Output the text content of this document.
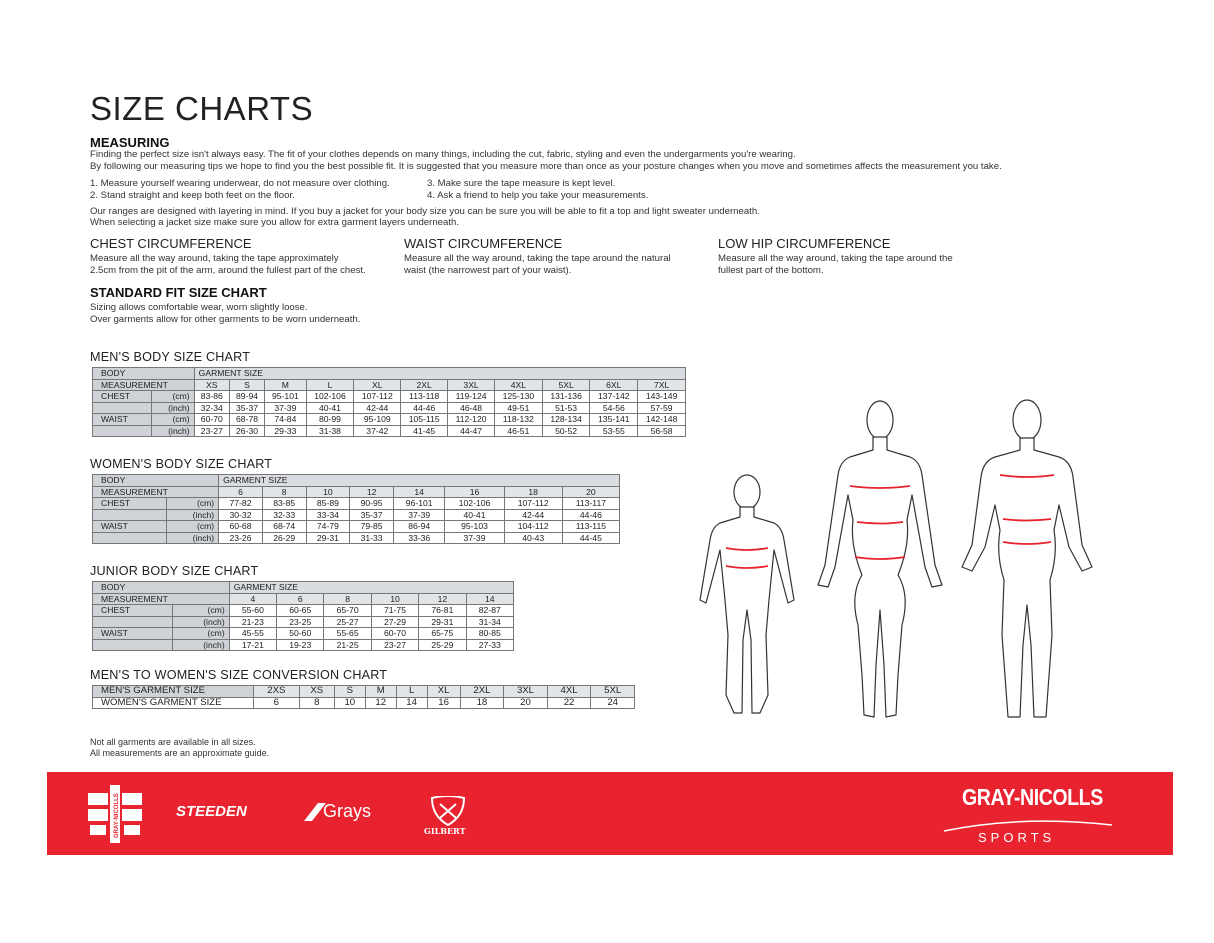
SIZE CHARTS
MEASURING
Finding the perfect size isn't always easy. The fit of your clothes depends on many things, including the cut, fabric, styling and even the undergarments you're wearing.
By following our measuring tips we hope to find you the best possible fit. It is suggested that you measure more than once as your posture changes when you move and sometimes affects the measurement you take.
1. Measure yourself wearing underwear, do not measure over clothing.
2. Stand straight and keep both feet on the floor.
3. Make sure the tape measure is kept level.
4. Ask a friend to help you take your measurements.
Our ranges are designed with layering in mind. If you buy a jacket for your body size you can be sure you will be able to fit a top and light sweater underneath.
When selecting a jacket size make sure you allow for extra garment layers underneath.
CHEST CIRCUMFERENCE
Measure all the way around, taking the tape approximately
2.5cm from the pit of the arm, around the fullest part of the chest.
WAIST CIRCUMFERENCE
Measure all the way around, taking the tape around the natural
waist (the narrowest part of your waist).
LOW HIP CIRCUMFERENCE
Measure all the way around, taking the tape around the
fullest part of the bottom.
STANDARD FIT SIZE CHART
Sizing allows comfortable wear, worn slightly loose.
Over garments allow for other garments to be worn underneath.
MEN'S BODY SIZE CHART
BODY		GARMENT SIZE										
MEASUREMENT		XS	S	M	L	XL	2XL	3XL	4XL	5XL	6XL	7XL
CHEST	(cm)	83-86	89-94	95-101	102-106	107-112	113-118	119-124	125-130	131-136	137-142	143-149
	(inch)	32-34	35-37	37-39	40-41	42-44	44-46	46-48	49-51	51-53	54-56	57-59
WAIST	(cm)	60-70	68-78	74-84	80-99	95-109	105-115	112-120	118-132	128-134	135-141	142-148
	(inch)	23-27	26-30	29-33	31-38	37-42	41-45	44-47	46-51	50-52	53-55	56-58
WOMEN'S BODY SIZE CHART
BODY		GARMENT SIZE							
MEASUREMENT		6	8	10	12	14	16	18	20
CHEST	(cm)	77-82	83-85	85-89	90-95	96-101	102-106	107-112	113-117
	(inch)	30-32	32-33	33-34	35-37	37-39	40-41	42-44	44-46
WAIST	(cm)	60-68	68-74	74-79	79-85	86-94	95-103	104-112	113-115
	(inch)	23-26	26-29	29-31	31-33	33-36	37-39	40-43	44-45
JUNIOR BODY SIZE CHART
BODY		GARMENT SIZE					
MEASUREMENT		4	6	8	10	12	14
CHEST	(cm)	55-60	60-65	65-70	71-75	76-81	82-87
	(inch)	21-23	23-25	25-27	27-29	29-31	31-34
WAIST	(cm)	45-55	50-60	55-65	60-70	65-75	80-85
	(inch)	17-21	19-23	21-25	23-27	25-29	27-33
MEN'S TO WOMEN'S SIZE CONVERSION CHART
MEN'S GARMENT SIZE	2XS	XS	S	M	L	XL	2XL	3XL	4XL	5XL
WOMEN'S GARMENT SIZE	6	8	10	12	14	16	18	20	22	24
Not all garments are available in all sizes.
All measurements are an approximate guide.
GRAY-NICOLLS	STEEDEN	Grays
GILBERT
GRAY-NICOLLS
SPORTS
